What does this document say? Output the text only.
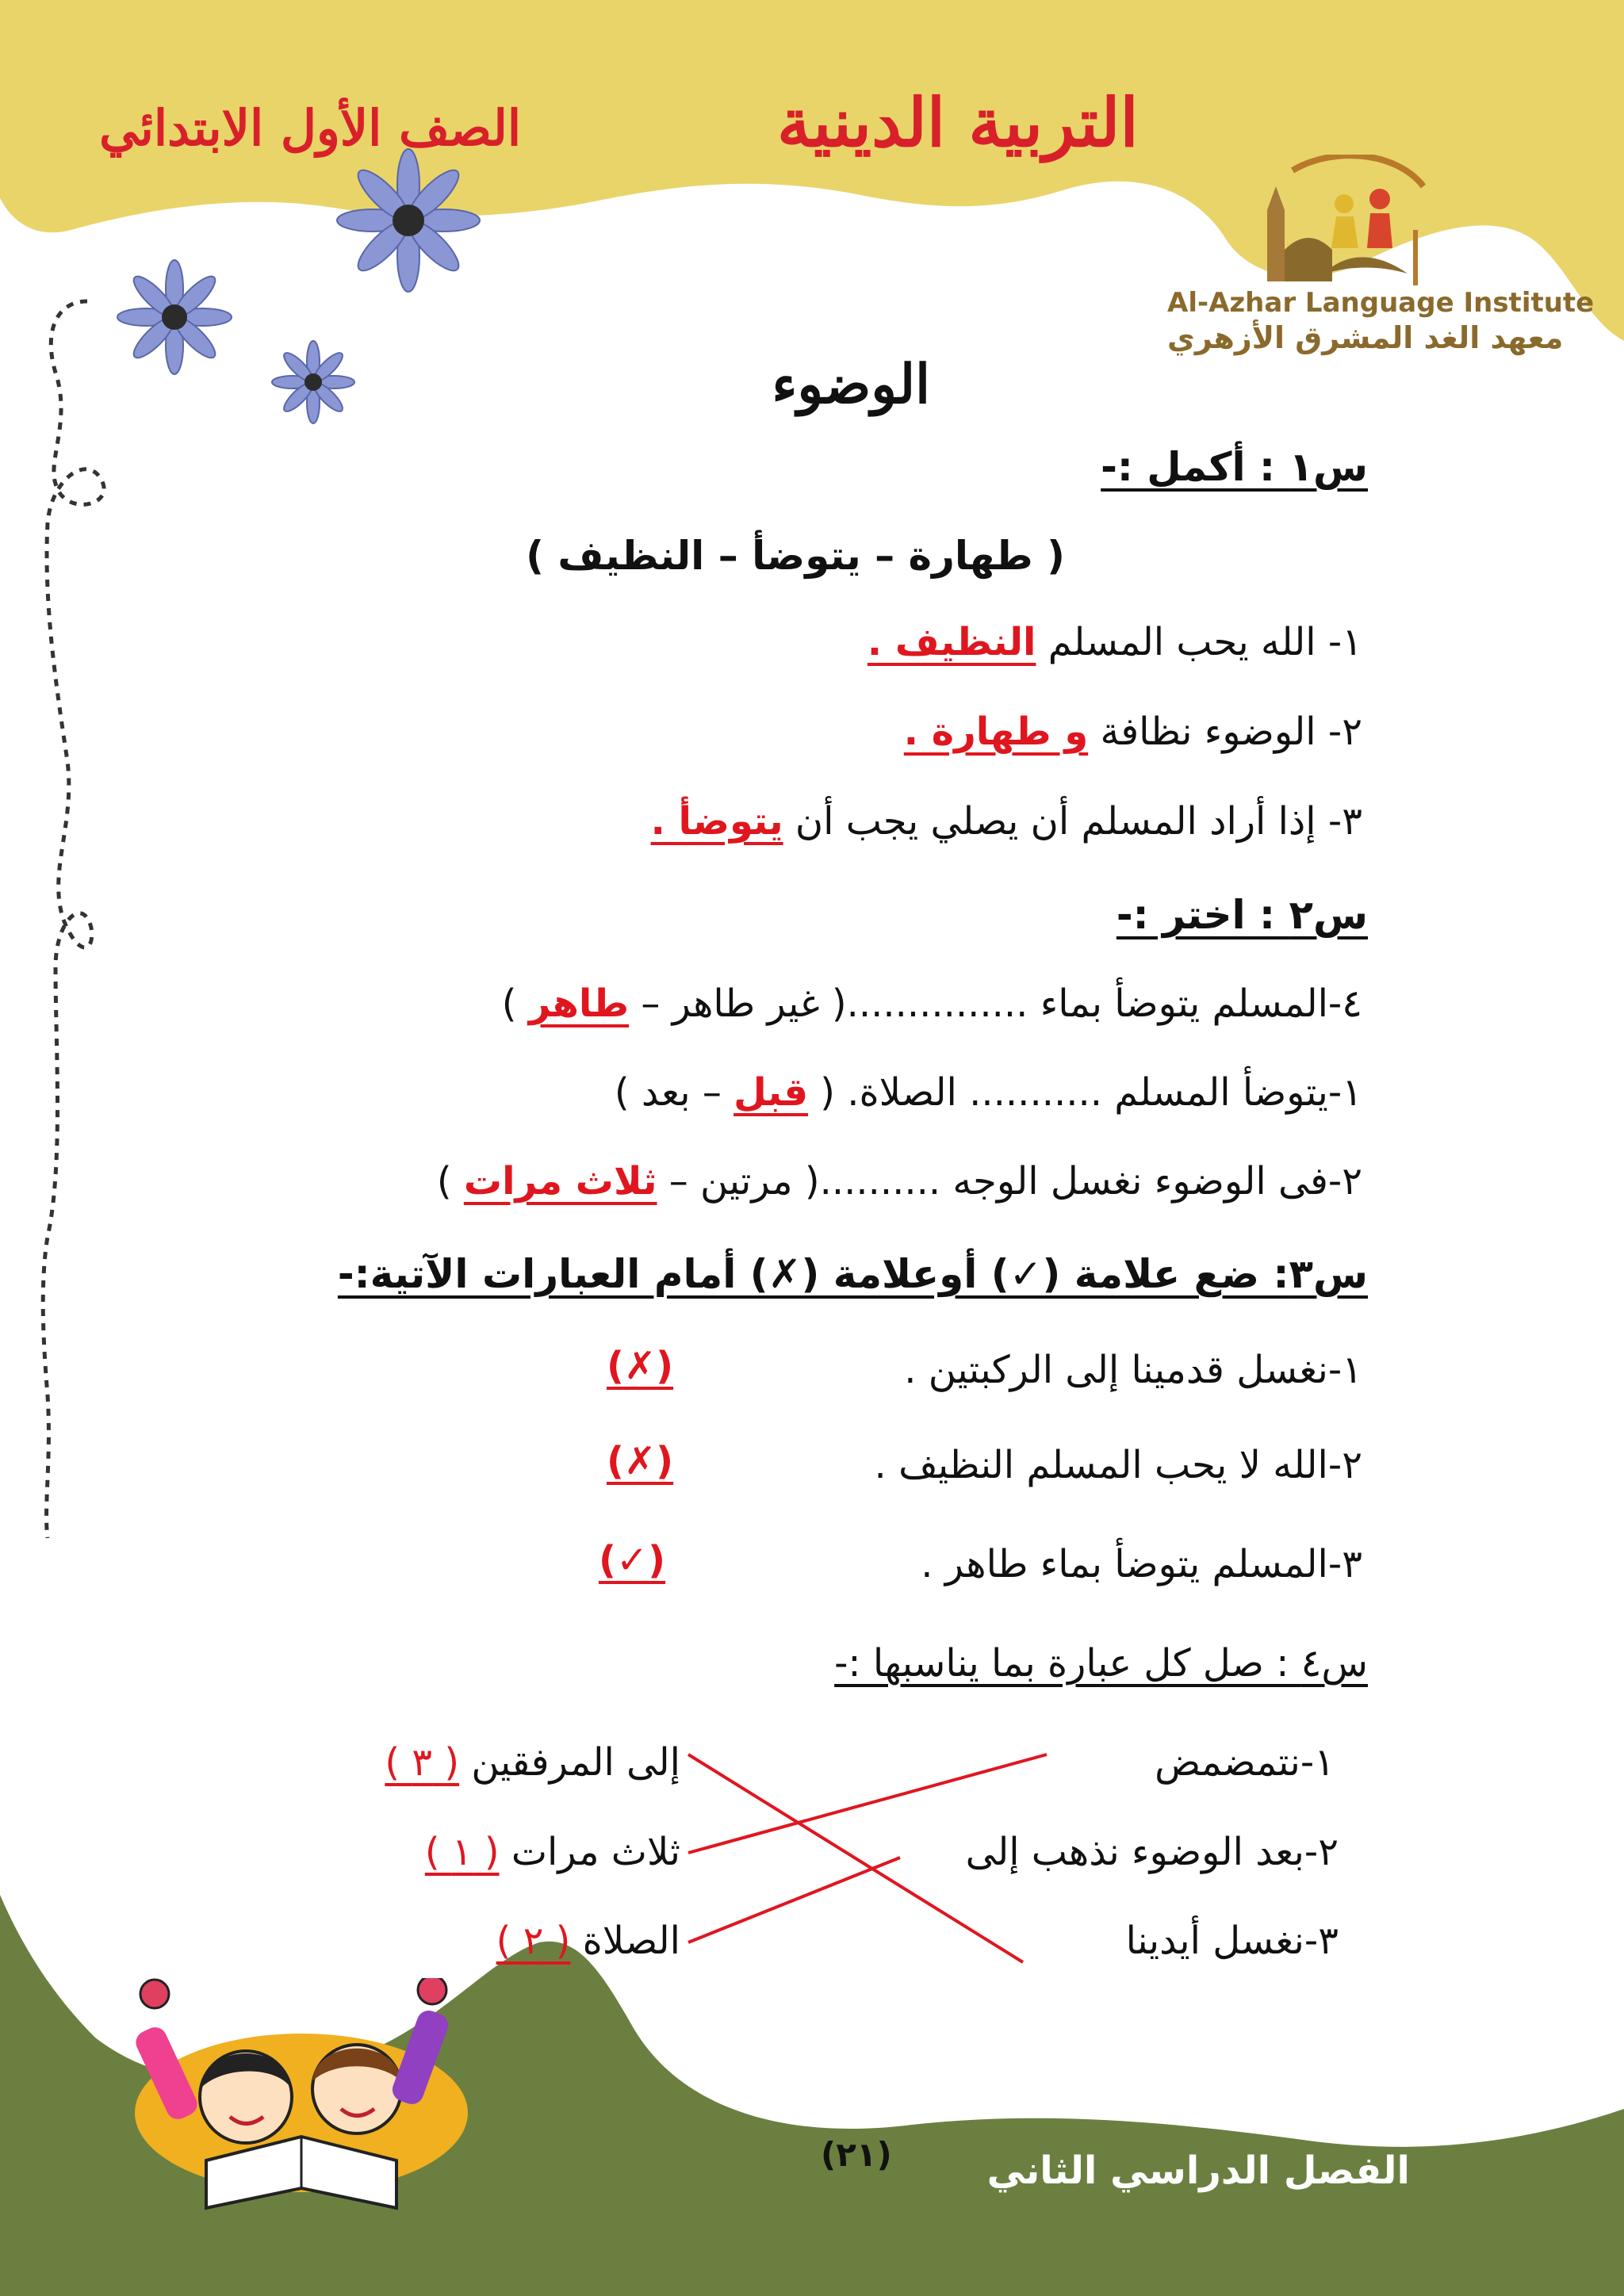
التربية الدينية
الصف الأول الابتدائي
Al-Azhar Language Institute
معهد الغد المشرق الأزهري
الوضوء
س١ : أكمل :-
( طهارة – يتوضأ – النظيف )
١- الله يحب المسلم النظيف .
٢- الوضوء نظافة و طهارة .
٣- إذا أراد المسلم أن يصلي يجب أن يتوضأ .
س٢ : اختر :-
٤-المسلم يتوضأ بماء ...............( غير طاهر – طاهر )
١-يتوضأ المسلم ........... الصلاة. ( قبل – بعد )
٢-فى الوضوء نغسل الوجه ..........( مرتين – ثلاث مرات )
س٣: ضع علامة (✓) أوعلامة (✗) أمام العبارات الآتية:-
١-نغسل قدمينا إلى الركبتين .
(✗)
٢-الله لا يحب المسلم النظيف .
(✗)
٣-المسلم يتوضأ بماء طاهر .
(✓)
س٤ : صل كل عبارة بما يناسبها :-
١-نتمضمض
٢-بعد الوضوء نذهب إلى
٣-نغسل أيدينا
إلى المرفقين ( ٣ )
ثلاث مرات ( ١ )
الصلاة ( ٢ )
(٢١) الفصل الدراسي الثاني
